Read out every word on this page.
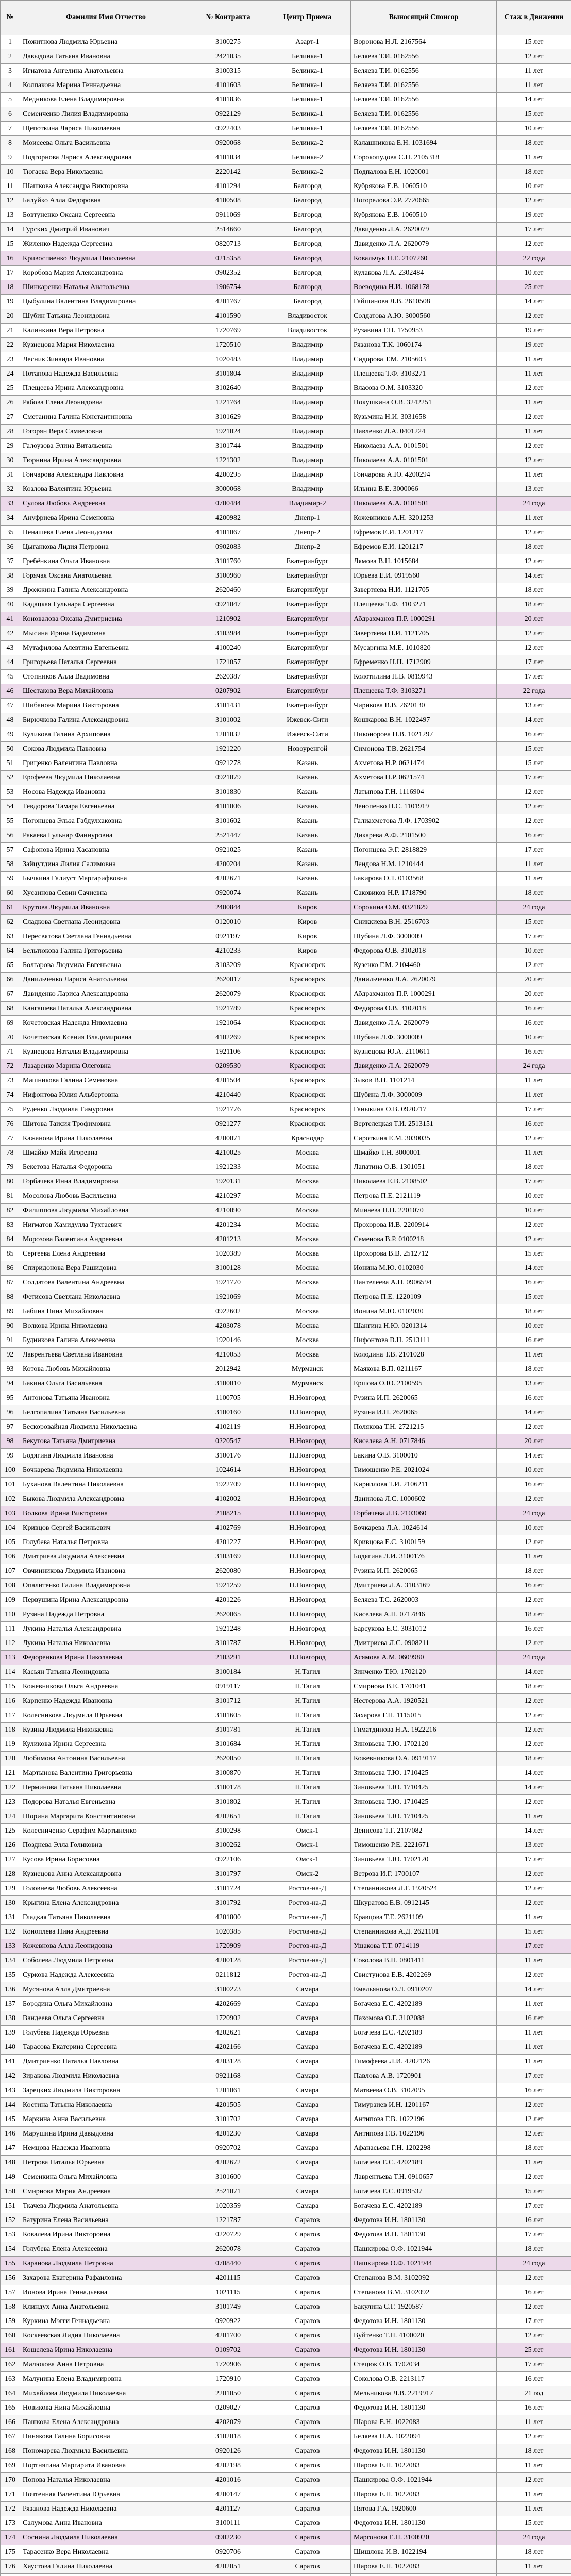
№	Фамилия Имя Отчество	№ Контракта	Центр Приема	Выносящий Спонсор	Стаж в Движении
1	Пожитнова Людмила Юрьевна	3100275	Азарт-1	Воронова Н.Л. 2167564	15 лет
2	Давыдова Татьяна Ивановна	2421035	Белинка-1	Беляева Т.И. 0162556	12 лет
3	Игнатова Ангелина Анатольевна	3100315	Белинка-1	Беляева Т.И. 0162556	11 лет
4	Колпакова Марина Геннадьевна	4101603	Белинка-1	Беляева Т.И. 0162556	11 лет
5	Медникова Елена Владимировна	4101836	Белинка-1	Беляева Т.И. 0162556	14 лет
6	Семенченко Лилия Владимировна	0922129	Белинка-1	Беляева Т.И. 0162556	15 лет
7	Щепоткина Лариса Николаевна	0922403	Белинка-1	Беляева Т.И. 0162556	10 лет
8	Моисеева Ольга Васильевна	0920068	Белинка-2	Калашникова Е.Н. 1031694	18 лет
9	Подгорнова Лариса Александровна	4101034	Белинка-2	Сорокопудова С.Н. 2105318	11 лет
10	Тюгаева Вера Николаевна	2220142	Белинка-2	Подпалова Е.Н. 1020001	18 лет
11	Шашкова Александра Викторовна	4101294	Белгород	Кубрякова Е.В. 1060510	10 лет
12	Балуйко Алла Федоровна	4100508	Белгород	Погорелова Э.Р. 2720665	12 лет
13	Бовтуненко Оксана Сергеевна	0911069	Белгород	Кубрякова Е.В. 1060510	19 лет
14	Гурских Дмитрий Иванович	2514660	Белгород	Давиденко Л.А. 2620079	17 лет
15	Жиленко Надежда Сергеевна	0820713	Белгород	Давиденко Л.А. 2620079	12 лет
16	Кривоспиенко Людмила Николаевна	0215358	Белгород	Ковальчук Н.Е. 2107260	22 года
17	Коробова Мария Александровна	0902352	Белгород	Кулакова Л.А. 2302484	10 лет
18	Шинкаренко Наталья Анатольевна	1906754	Белгород	Воеводина Н.И. 1068178	25 лет
19	Цыбулина Валентина Владимировна	4201767	Белгород	Гайшинова Л.В. 2610508	14 лет
20	Шубин Татьяна Леонидовна	4101590	Владивосток	Солдатова А.Ю. 3000560	12 лет
21	Калинкина Вера Петровна	1720769	Владивосток	Рузавина Г.Н. 1750953	19 лет
22	Кузнецова Мария Николаевна	1720510	Владимир	Рязанова Т.К. 1060174	19 лет
23	Лесник Зинаида Ивановна	1020483	Владимир	Сидорова Т.М. 2105603	11 лет
24	Потапова Надежда Васильевна	3101804	Владимир	Плещеева Т.Ф. 3103271	11 лет
25	Плещеева Ирина Александровна	3102640	Владимир	Власова О.М. 3103320	12 лет
26	Рябова Елена Леонидовна	1221764	Владимир	Покушкина О.В. 3242251	11 лет
27	Сметанина Галина Константиновна	3101629	Владимир	Кузьмина Н.И. 3031658	12 лет
28	Гогорян Вера Самвеловна	1921024	Владимир	Павленко Л.А. 0401224	11 лет
29	Галоузова Элина Витальевна	3101744	Владимир	Николаева А.А. 0101501	12 лет
30	Тюрнина Ирина Александровна	1221302	Владимир	Николаева А.А. 0101501	12 лет
31	Гончарова Александра Павловна	4200295	Владимир	Гончарова А.Ю. 4200294	11 лет
32	Козлова Валентина Юрьевна	3000068	Владимир	Ильина В.Е. 3000066	13 лет
33	Сулова Любовь Андреевна	0700484	Владимир-2	Николаева А.А. 0101501	24 года
34	Ануфриева Ирина Семеновна	4200982	Днепр-1	Кожевников А.Н. 3201253	11 лет
35	Ненашева Елена Леонидовна	4101067	Днепр-2	Ефремов Е.И. 1201217	12 лет
36	Цыганкова Лидия Петровна	0902083	Днепр-2	Ефремов Е.И. 1201217	18 лет
37	Гребёнкина Ольга Ивановна	3101760	Екатеринбург	Лямова В.Н. 1015684	12 лет
38	Горячая Оксана Анатольевна	3100960	Екатеринбург	Юрьева Е.И. 0919560	14 лет
39	Дрожжина Галина Александровна	2620460	Екатеринбург	Завертяева Н.И. 1121705	18 лет
40	Кадацкая Гульнара Сергеевна	0921047	Екатеринбург	Плещеева Т.Ф. 3103271	18 лет
41	Коновалова Оксана Дмитриевна	1210902	Екатеринбург	Абдрахманов П.Р. 1000291	20 лет
42	Мысина Ирина Вадимовна	3103984	Екатеринбург	Завертяева Н.И. 1121705	12 лет
43	Мутафилова Алевтина Евгеньевна	4100240	Екатеринбург	Мусаргина М.Е. 1010820	12 лет
44	Григорьева Наталья Сергеевна	1721057	Екатеринбург	Ефременко Н.Н. 1712909	17 лет
45	Стопников Алла Вадимовна	2620387	Екатеринбург	Колотилина Н.В. 0819943	17 лет
46	Шестакова Вера Михайловна	0207902	Екатеринбург	Плещеева Т.Ф. 3103271	22 года
47	Шибанова Марина Викторовна	3101431	Екатеринбург	Чирикова В.В. 2620130	13 лет
48	Бирючкова Галина Александровна	3101002	Ижевск-Сити	Кошкарова В.Н. 1022497	14 лет
49	Куликова Галина Архиповна	1201032	Ижевск-Сити	Никонорова Н.В. 1021297	16 лет
50	Сокова Людмила Павловна	1921220	Новоуренгой	Симонова Т.В. 2621754	15 лет
51	Гриценко Валентина Павловна	0921278	Казань	Ахметова Н.Р. 0621474	15 лет
52	Ерофеева Людмила Николаевна	0921079	Казань	Ахметова Н.Р. 0621574	17 лет
53	Носова Надежда Ивановна	3101830	Казань	Латыпова Г.Н. 1116904	12 лет
54	Тевдорова Тамара Евгеньевна	4101006	Казань	Ленопенко Н.С. 1101919	12 лет
55	Погонцева Эльза Габдулхаковна	3101602	Казань	Галиахметова Л.Ф. 1703902	12 лет
56	Ракаева Гульнар Фаннуровна	2521447	Казань	Дикарева А.Ф. 2101500	16 лет
57	Сафонова Ирина Хасановна	0921025	Казань	Погонцева Э.Г. 2818829	17 лет
58	Зайцутдина Лилия Салимовна	4200204	Казань	Лендова Н.М. 1210444	11 лет
59	Бычкина Галиуст Маргарифвовна	4202671	Казань	Бакирова О.Т. 0103568	11 лет
60	Хусаинова Севин Сачиевна	0920074	Казань	Саковиков Н.Р. 1718790	18 лет
61	Крутова Людмила Ивановна	2400844	Киров	Сорокина О.М. 0321829	24 года
62	Сладкова Светлана Леонидовна	0120010	Киров	Сниккиева В.Н. 2516703	15 лет
63	Пересвятова Светлана Геннадьевна	0921197	Киров	Шубина Л.Ф. 3000009	17 лет
64	Бельтюкова Галина Григорьевна	4210233	Киров	Федорова О.В. 3102018	10 лет
65	Болгарова Людмила Евгеньевна	3103209	Красноярск	Кузенко Г.М. 2104460	12 лет
66	Данильченко Лариса Анатольевна	2620017	Красноярск	Данильченко Л.А. 2620079	20 лет
67	Давиденко Лариса Александровна	2620079	Красноярск	Абдрахманов П.Р. 1000291	20 лет
68	Кангашева Наталья Александровна	1921789	Красноярск	Федорова О.В. 3102018	16 лет
69	Кочетовская Надежда Николаевна	1921064	Красноярск	Давиденко Л.А. 2620079	16 лет
70	Кочетовская Ксения Владимировна	4102269	Красноярск	Шубина Л.Ф. 3000009	10 лет
71	Кузнецова Наталья Владимировна	1921106	Красноярск	Кузнецова Ю.А. 2110611	16 лет
72	Лазаренко Марина Олеговна	0209530	Красноярск	Давиденко Л.А. 2620079	24 года
73	Машникова Галина Семеновна	4201504	Красноярск	Зыков В.Н. 1101214	11 лет
74	Нифонтова Юлия Альбертовна	4210440	Красноярск	Шубина Л.Ф. 3000009	11 лет
75	Руденко Людмила Тимуровна	1921776	Красноярск	Ганыкина О.В. 0920717	17 лет
76	Шитова Таисия Трофимовна	0921277	Красноярск	Вертелецкая Т.И. 2513151	16 лет
77	Кажанова Ирина Николаевна	4200071	Краснодар	Сироткина Е.М. 3030035	12 лет
78	Шмайко Майя Игоревна	4210025	Москва	Шмайко Т.Н. 3000001	11 лет
79	Бекетова Наталья Федоровна	1921233	Москва	Лапатина О.В. 1301051	18 лет
80	Горбачева Инна Владимировна	1920131	Москва	Николаева Е.В. 2108502	17 лет
81	Мосолова Любовь Васильевна	4210297	Москва	Петрова П.Е. 2121119	10 лет
82	Филиппова Людмила Михайловна	4210090	Москва	Минаева Н.Н. 2201070	10 лет
83	Нигматов Хамидулла Тухтаевич	4201234	Москва	Прохорова И.В. 2200914	12 лет
84	Морозова Валентина Андреевна	4201213	Москва	Семенова В.Р. 0100218	12 лет
85	Сергеева Елена Андреевна	1020389	Москва	Прохорова В.В. 2512712	15 лет
86	Спиридонова Вера Рашидовна	3100128	Москва	Ионина М.Ю. 0102030	14 лет
87	Солдатова Валентина Андреевна	1921770	Москва	Пантелеева А.Н. 0906594	16 лет
88	Фетисова Светлана Николаевна	1921069	Москва	Петрова П.Е. 1220109	15 лет
89	Бабина Нина Михайловна	0922602	Москва	Ионина М.Ю. 0102030	18 лет
90	Волкова Ирина Николаевна	4203078	Москва	Шангина Н.Ю. 0201314	10 лет
91	Будникова Галина Алексеевна	1920146	Москва	Нифонтова В.Н. 2513111	16 лет
92	Лаврентьева Светлана Ивановна	4210053	Москва	Колодина Т.В. 2101028	11 лет
93	Котова Любовь Михайловна	2012942	Мурманск	Маякова В.П. 0211167	18 лет
94	Бакина Ольга Васильевна	3100010	Мурманск	Ершова О.Ю. 2100595	13 лет
95	Антонова Татьяна Ивановна	1100705	Н.Новгород	Рузина И.П. 2620065	16 лет
96	Белгопалина Татьяна Васильевна	3100160	Н.Новгород	Рузина И.П. 2620065	14 лет
97	Бескоровайная Людмила Николаевна	4102119	Н.Новгород	Полякова Т.Н. 2721215	12 лет
98	Бекутова Татьяна Дмитриевна	0220547	Н.Новгород	Киселева А.Н. 0717846	20 лет
99	Бодягина Людмила Ивановна	3100176	Н.Новгород	Бакина О.В. 3100010	14 лет
100	Бочкарева Людмила Николаевна	1024614	Н.Новгород	Тимошенко Р.Е. 2021024	10 лет
101	Буханова Валентина Николаевна	1922709	Н.Новгород	Кириллова Т.И. 2106211	16 лет
102	Быкова Людмила Александровна	4102002	Н.Новгород	Данилова Л.С. 1000602	12 лет
103	Волкова Ирина Викторовна	2108215	Н.Новгород	Горбачева Л.В. 2103060	24 года
104	Кривцов Сергей Васильевич	4102769	Н.Новгород	Бочкарева Л.А. 1024614	10 лет
105	Голубева Наталья Петровна	4201227	Н.Новгород	Кривцова Е.С. 3100159	12 лет
106	Дмитриева Людмила Алексеевна	3103169	Н.Новгород	Бодягина Л.И. 3100176	11 лет
107	Овчинникова Людмила Ивановна	2620080	Н.Новгород	Рузина И.П. 2620065	18 лет
108	Опалитенко Галина Владимировна	1921259	Н.Новгород	Дмитриева Л.А. 3103169	16 лет
109	Первушина Ирина Александровна	4201226	Н.Новгород	Беляева Т.С. 2620003	12 лет
110	Рузина Надежда Петровна	2620065	Н.Новгород	Киселева А.Н. 0717846	18 лет
111	Лукина Наталья Александровна	1921248	Н.Новгород	Барсукова Е.С. 3031012	16 лет
112	Лукина Наталья Николаевна	3101787	Н.Новгород	Дмитриева Л.С. 0908211	12 лет
113	Федоренкова Ирина Николаевна	2103291	Н.Новгород	Асямова А.М. 0609980	24 года
114	Касьян Татьяна Леонидовна	3100184	Н.Тагил	Зинченко Т.Ю. 1702120	14 лет
115	Кожевникова Ольга Андреевна	0919117	Н.Тагил	Смирнова В.Е. 1701041	18 лет
116	Карпенко Надежда Ивановна	3101712	Н.Тагил	Нестерова А.А. 1920521	12 лет
117	Колесникова Людмила Юрьевна	3101605	Н.Тагил	Захарова Г.Н. 1115015	12 лет
118	Кузина Людмила Николаевна	3101781	Н.Тагил	Гиматдинова Н.А. 1922216	12 лет
119	Куликова Ирина Сергеевна	3101684	Н.Тагил	Зиновьева Т.Ю. 1702120	12 лет
120	Любимова Антонина Васильевна	2620050	Н.Тагил	Кожевникова О.А. 0919117	18 лет
121	Мартынова Валентина Григорьевна	3100870	Н.Тагил	Зиновьева Т.Ю. 1710425	14 лет
122	Перминова Татьяна Николаевна	3100178	Н.Тагил	Зиновьева Т.Ю. 1710425	14 лет
123	Подорова Наталья Евгеньевна	3101802	Н.Тагил	Зиновьева Т.Ю. 1710425	12 лет
124	Шорина Маргарита Константиновна	4202651	Н.Тагил	Зиновьева Т.Ю. 1710425	11 лет
125	Колесниченко Серафим Мартыненко	3100298	Омск-1	Денисова Т.Г. 2107082	14 лет
126	Позднева Элла Голиковна	3100262	Омск-1	Тимошенко Р.Е. 2221671	13 лет
127	Кусова Ирина Борисовна	0922106	Омск-1	Зиновьева Т.Ю. 1702120	17 лет
128	Кузнецова Анна Александровна	3101797	Омск-2	Ветрова И.Г. 1700107	12 лет
129	Головнева Любовь Алексеевна	3101724	Ростов-на-Д	Степанникова Л.Г. 1920524	12 лет
130	Крыгина Елена Александровна	3101792	Ростов-на-Д	Шкуратова Е.В. 0912145	12 лет
131	Гладкая Татьяна Николаевна	4201800	Ростов-на-Д	Кравцова Т.Е. 2621109	11 лет
132	Коноплева Нина Андреевна	1020385	Ростов-на-Д	Степанникова А.Д. 2621101	15 лет
133	Кожевнова Алла Леонидовна	1720909	Ростов-на-Д	Ушакова Т.Т. 0714119	17 лет
134	Соболева Людмила Петровна	4200128	Ростов-на-Д	Соколова В.Н. 0801411	11 лет
135	Суркова Надежда Алексеевна	0211812	Ростов-на-Д	Свистунова Е.В. 4202269	12 лет
136	Мусянова Алла Дмитриевна	3100273	Самара	Емельянова О.Л. 0910207	14 лет
137	Бородина Ольга Михайловна	4202669	Самара	Богачева Е.С. 4202189	11 лет
138	Вандеева Ольга Сергеевна	1720902	Самара	Пахомова О.Г. 3102088	16 лет
139	Голубева Надежда Юрьевна	4202621	Самара	Богачева Е.С. 4202189	11 лет
140	Тарасова Екатерина Сергеевна	4202166	Самара	Богачева Е.С. 4202189	11 лет
141	Дмитриенко Наталья Павловна	4203128	Самара	Тимофеева Л.И. 4202126	11 лет
142	Зиракова Людмила Николаевна	0921168	Самара	Павлова А.В. 1720901	17 лет
143	Зарецких Людмила Викторовна	1201061	Самара	Матвеева О.В. 3102095	16 лет
144	Костина Татьяна Николаевна	4201505	Самара	Тимурзиев И.Н. 1201167	12 лет
145	Маркина Анна Васильевна	3101702	Самара	Антипова Г.В. 1022196	12 лет
146	Марушина Ирина Давыдовна	4201230	Самара	Антипова Г.В. 1022196	12 лет
147	Немцова Надежда Ивановна	0920702	Самара	Афанасьева Г.Н. 1202298	18 лет
148	Петрова Наталья Юрьевна	4202672	Самара	Богачева Е.С. 4202189	11 лет
149	Семенкина Ольга Михайловна	3101600	Самара	Лаврентьева Т.Н. 0910657	12 лет
150	Смирнова Мария Андреевна	2521071	Самара	Богачева Е.С. 0919537	15 лет
151	Ткачева Людмила Анатольевна	1020359	Самара	Богачева Е.С. 4202189	17 лет
152	Батурина Елена Васильевна	1221787	Саратов	Федотова И.Н. 1801130	16 лет
153	Ковалева Ирина Викторовна	0220729	Саратов	Федотова И.Н. 1801130	17 лет
154	Голубева Елена Алексеевна	2620078	Саратов	Пашкирова О.Ф. 1021944	18 лет
155	Каранова Людмила Петровна	0708440	Саратов	Пашкирова О.Ф. 1021944	24 года
156	Захарова Екатерина Рафаиловна	4201115	Саратов	Степанова В.М. 3102092	12 лет
157	Ионова Ирина Геннадьевна	1021115	Саратов	Степанова В.М. 3102092	16 лет
158	Клиндух Анна Анатольевна	3101749	Саратов	Бакулина С.Г. 1920587	12 лет
159	Куркина Мэгги Геннадьевна	0920922	Саратов	Федотова И.Н. 1801130	17 лет
160	Коскеевская Лидия Николаевна	4201700	Саратов	Вуйтенко Т.Н. 4100020	12 лет
161	Кошелева Ирина Николаевна	0109702	Саратов	Федотова И.Н. 1801130	25 лет
162	Малюкова Анна Петровна	1720906	Саратов	Стецюк О.В. 1702034	17 лет
163	Малунина Елена Владимировна	1720910	Саратов	Соколова О.В. 2213117	16 лет
164	Михайлова Людмила Николаевна	2201050	Саратов	Мельникова Л.В. 2219917	21 год
165	Новикова Нина Михайловна	0209027	Саратов	Федотова И.Н. 1801130	16 лет
166	Пашкова Елена Александровна	4202079	Саратов	Шарова Е.Н. 1022083	11 лет
167	Пинякова Галина Борисовна	3102018	Саратов	Беляева Н.А. 1022094	12 лет
168	Пономарева Людмила Васильевна	0920126	Саратов	Федотова И.Н. 1801130	18 лет
169	Портнягина Маргарита Ивановна	4202198	Саратов	Шарова Е.Н. 1022083	11 лет
170	Попова Наталья Николаевна	4201016	Саратов	Пашкирова О.Ф. 1021944	12 лет
171	Почтенная Валентина Юрьевна	4200147	Саратов	Шарова Е.Н. 1022083	11 лет
172	Рязанова Надежда Николаевна	4201127	Саратов	Пятова Г.А. 1920600	11 лет
173	Салумова Анна Ивановна	3100111	Саратов	Федотова И.Н. 1801130	15 лет
174	Соснина Людмила Николаевна	0902230	Саратов	Маргонова Е.Н. 3100920	24 года
175	Тарасенко Вера Николаевна	0920706	Саратов	Шишлова И.В. 1022194	18 лет
176	Хаустова Галина Николаевна	4202051	Саратов	Шарова Е.Н. 1022083	11 лет
